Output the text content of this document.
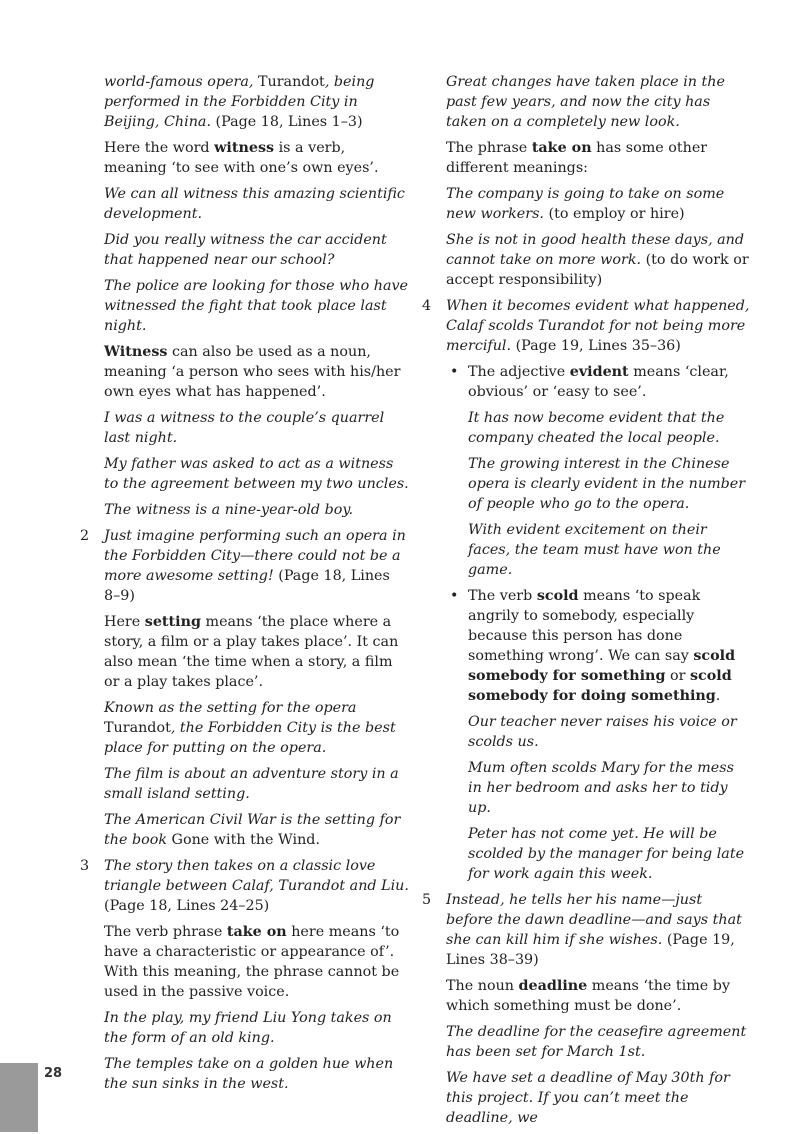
world-famous opera, Turandot, being performed in the Forbidden City in Beijing, China. (Page 18, Lines 1–3)

Here the word witness is a verb, meaning ‘to see with one’s own eyes’.

We can all witness this amazing scientific development.

Did you really witness the car accident that happened near our school?

The police are looking for those who have witnessed the fight that took place last night.

Witness can also be used as a noun, meaning ‘a person who sees with his/her own eyes what has happened’.

I was a witness to the couple’s quarrel last night.

My father was asked to act as a witness to the agreement between my two uncles.

The witness is a nine-year-old boy.

2 Just imagine performing such an opera in the Forbidden City—there could not be a more awesome setting! (Page 18, Lines 8–9)

Here setting means ‘the place where a story, a film or a play takes place’. It can also mean ‘the time when a story, a film or a play takes place’.

Known as the setting for the opera Turandot, the Forbidden City is the best place for putting on the opera.

The film is about an adventure story in a small island setting.

The American Civil War is the setting for the book Gone with the Wind.

3 The story then takes on a classic love triangle between Calaf, Turandot and Liu. (Page 18, Lines 24–25)

The verb phrase take on here means ‘to have a characteristic or appearance of’. With this meaning, the phrase cannot be used in the passive voice.

In the play, my friend Liu Yong takes on the form of an old king.

The temples take on a golden hue when the sun sinks in the west.

Great changes have taken place in the past few years, and now the city has taken on a completely new look.

The phrase take on has some other different meanings:

The company is going to take on some new workers. (to employ or hire)

She is not in good health these days, and cannot take on more work. (to do work or accept responsibility)

4 When it becomes evident what happened, Calaf scolds Turandot for not being more merciful. (Page 19, Lines 35–36)

• The adjective evident means ‘clear, obvious’ or ‘easy to see’.

It has now become evident that the company cheated the local people.

The growing interest in the Chinese opera is clearly evident in the number of people who go to the opera.

With evident excitement on their faces, the team must have won the game.

• The verb scold means ‘to speak angrily to somebody, especially because this person has done something wrong’. We can say scold somebody for something or scold somebody for doing something.

Our teacher never raises his voice or scolds us.

Mum often scolds Mary for the mess in her bedroom and asks her to tidy up.

Peter has not come yet. He will be scolded by the manager for being late for work again this week.

5 Instead, he tells her his name—just before the dawn deadline—and says that she can kill him if she wishes. (Page 19, Lines 38–39)

The noun deadline means ‘the time by which something must be done’.

The deadline for the ceasefire agreement has been set for March 1st.

We have set a deadline of May 30th for this project. If you can’t meet the deadline, we

28
